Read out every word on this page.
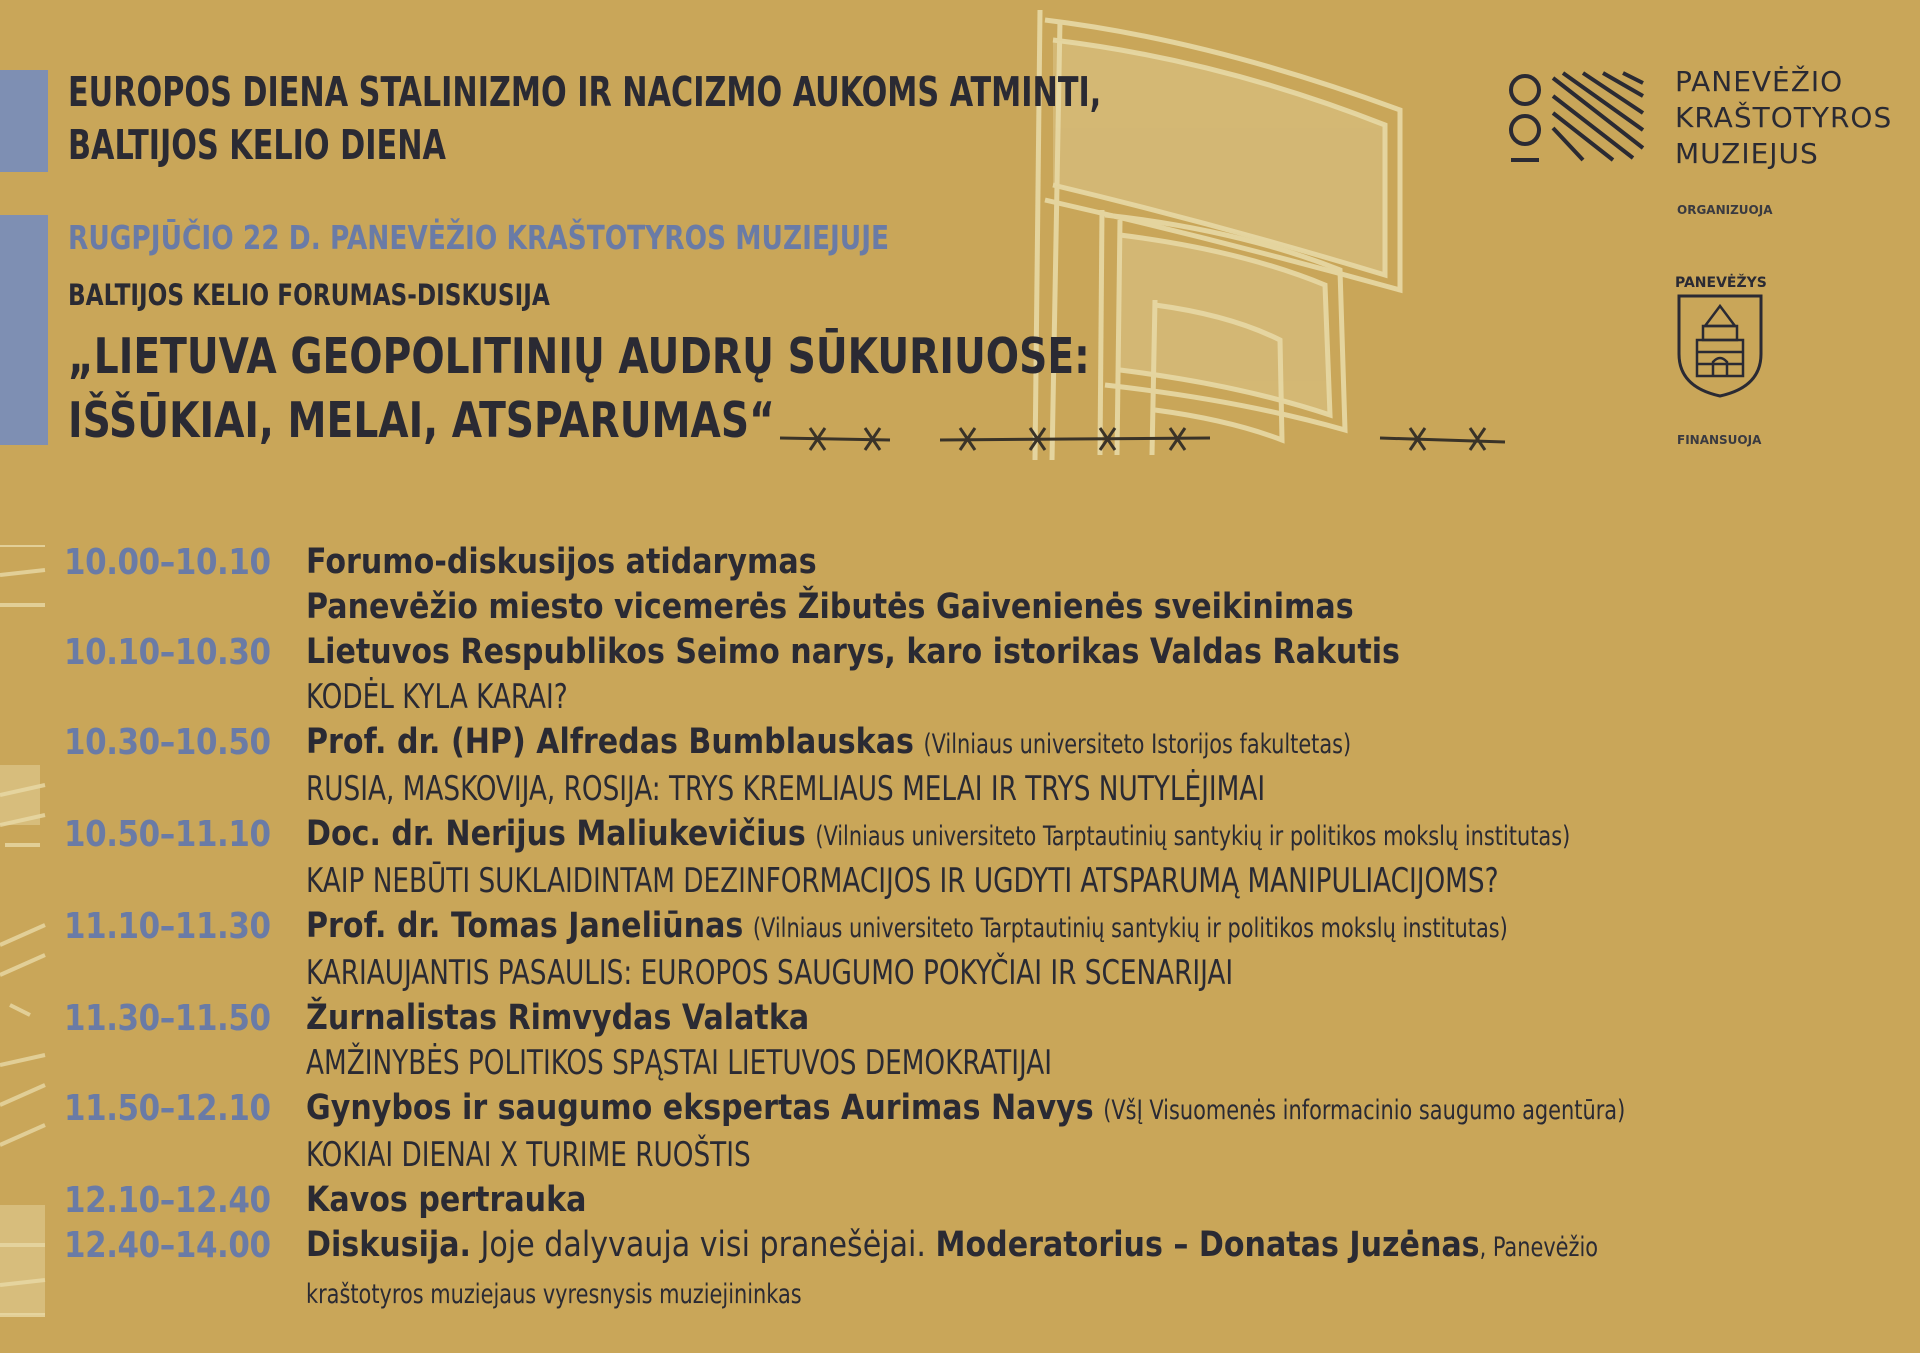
EUROPOS DIENA STALINIZMO IR NACIZMO AUKOMS ATMINTI,
BALTIJOS KELIO DIENA
RUGPJŪČIO 22 D. PANEVĖŽIO KRAŠTOTYROS MUZIEJUJE
BALTIJOS KELIO FORUMAS-DISKUSIJA
„LIETUVA GEOPOLITINIŲ AUDRŲ SŪKURIUOSE:
IŠŠŪKIAI, MELAI, ATSPARUMAS“
PANEVĖŽIO
KRAŠTOTYROS
MUZIEJUS
ORGANIZUOJA
PANEVĖŽYS
FINANSUOJA
10.00–10.10	Forumo-diskusijos atidarymas
Panevėžio miesto vicemerės Žibutės Gaivenienės sveikinimas
10.10–10.30	Lietuvos Respublikos Seimo narys, karo istorikas Valdas Rakutis
KODĖL KYLA KARAI?
10.30–10.50	Prof. dr. (HP) Alfredas Bumblauskas (Vilniaus universiteto Istorijos fakultetas)
RUSIA, MASKOVIJA, ROSIJA: TRYS KREMLIAUS MELAI IR TRYS NUTYLĖJIMAI
10.50–11.10	Doc. dr. Nerijus Maliukevičius (Vilniaus universiteto Tarptautinių santykių ir politikos mokslų institutas)
KAIP NEBŪTI SUKLAIDINTAM DEZINFORMACIJOS IR UGDYTI ATSPARUMĄ MANIPULIACIJOMS?
11.10–11.30	Prof. dr. Tomas Janeliūnas (Vilniaus universiteto Tarptautinių santykių ir politikos mokslų institutas)
KARIAUJANTIS PASAULIS: EUROPOS SAUGUMO POKYČIAI IR SCENARIJAI
11.30–11.50	Žurnalistas Rimvydas Valatka
AMŽINYBĖS POLITIKOS SPĄSTAI LIETUVOS DEMOKRATIJAI
11.50–12.10	Gynybos ir saugumo ekspertas Aurimas Navys (VšĮ Visuomenės informacinio saugumo agentūra)
KOKIAI DIENAI X TURIME RUOŠTIS
12.10–12.40	Kavos pertrauka
12.40–14.00	Diskusija. Joje dalyvauja visi pranešėjai. Moderatorius – Donatas Juzėnas, Panevėžio
kraštotyros muziejaus vyresnysis muziejininkas
